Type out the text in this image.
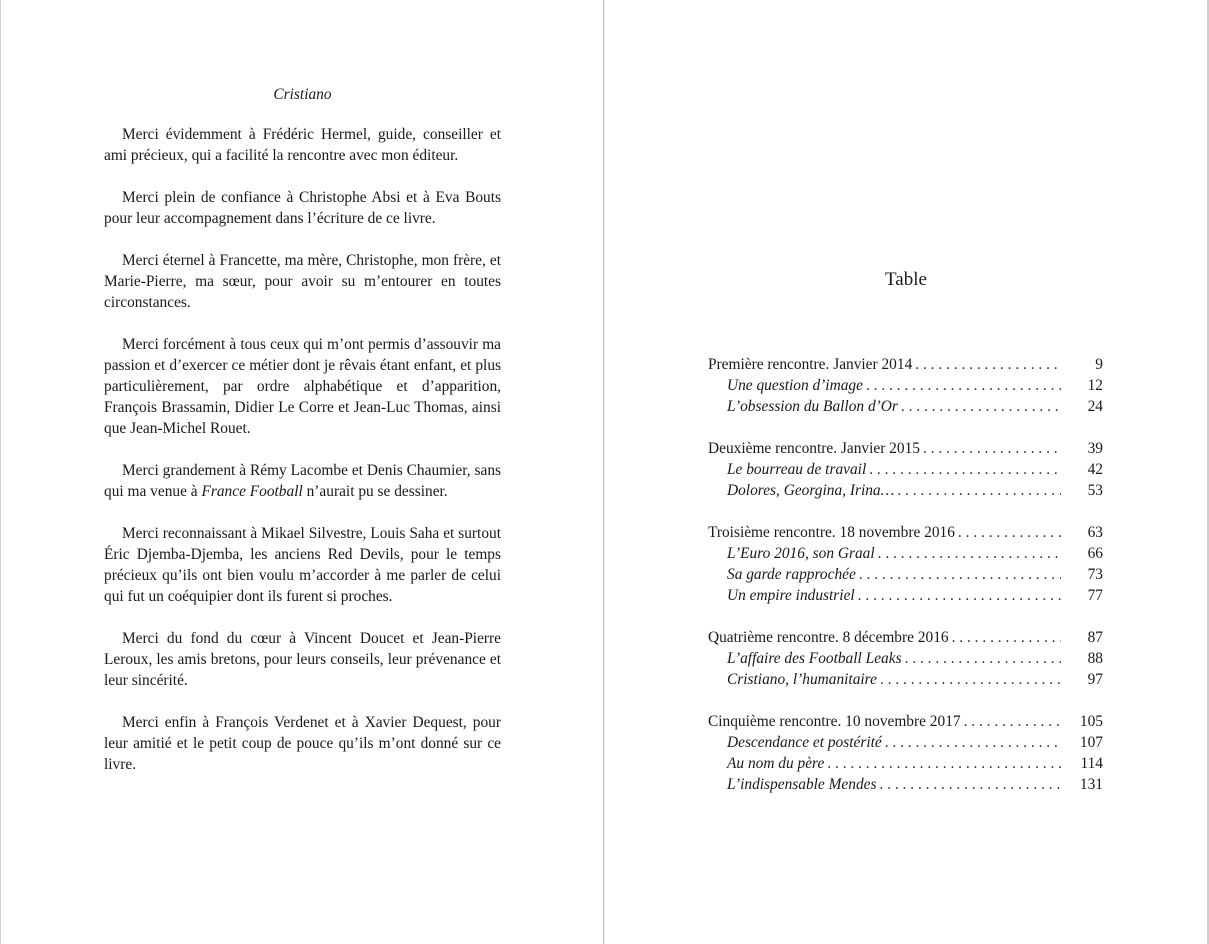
Cristiano

Merci évidemment à Frédéric Hermel, guide, conseiller et ami précieux, qui a facilité la rencontre avec mon éditeur.

Merci plein de confiance à Christophe Absi et à Eva Bouts pour leur accompagnement dans l’écriture de ce livre.

Merci éternel à Francette, ma mère, Christophe, mon frère, et Marie-Pierre, ma sœur, pour avoir su m’entourer en toutes circonstances.

Merci forcément à tous ceux qui m’ont permis d’assouvir ma passion et d’exercer ce métier dont je rêvais étant enfant, et plus particulièrement, par ordre alphabétique et d’apparition, François Brassamin, Didier Le Corre et Jean-Luc Thomas, ainsi que Jean-Michel Rouet.

Merci grandement à Rémy Lacombe et Denis Chaumier, sans qui ma venue à France Football n’aurait pu se dessiner.

Merci reconnaissant à Mikael Silvestre, Louis Saha et surtout Éric Djemba-Djemba, les anciens Red Devils, pour le temps précieux qu’ils ont bien voulu m’accorder à me parler de celui qui fut un coéquipier dont ils furent si proches.

Merci du fond du cœur à Vincent Doucet et Jean-Pierre Leroux, les amis bretons, pour leurs conseils, leur prévenance et leur sincérité.

Merci enfin à François Verdenet et à Xavier Dequest, pour leur amitié et le petit coup de pouce qu’ils m’ont donné sur ce livre.

Table
Première rencontre. Janvier 2014 . . .	9
Une question d’image . . .	12
L’obsession du Ballon d’Or . . .	24
Deuxième rencontre. Janvier 2015 . . .	39
Le bourreau de travail . . .	42
Dolores, Georgina, Irina… . . .	53
Troisième rencontre. 18 novembre 2016 . . .	63
L’Euro 2016, son Graal . . .	66
Sa garde rapprochée . . .	73
Un empire industriel . . .	77
Quatrième rencontre. 8 décembre 2016 . . .	87
L’affaire des Football Leaks . . .	88
Cristiano, l’humanitaire . . .	97
Cinquième rencontre. 10 novembre 2017 . . .	105
Descendance et postérité . . .	107
Au nom du père . . .	114
L’indispensable Mendes . . .	131
